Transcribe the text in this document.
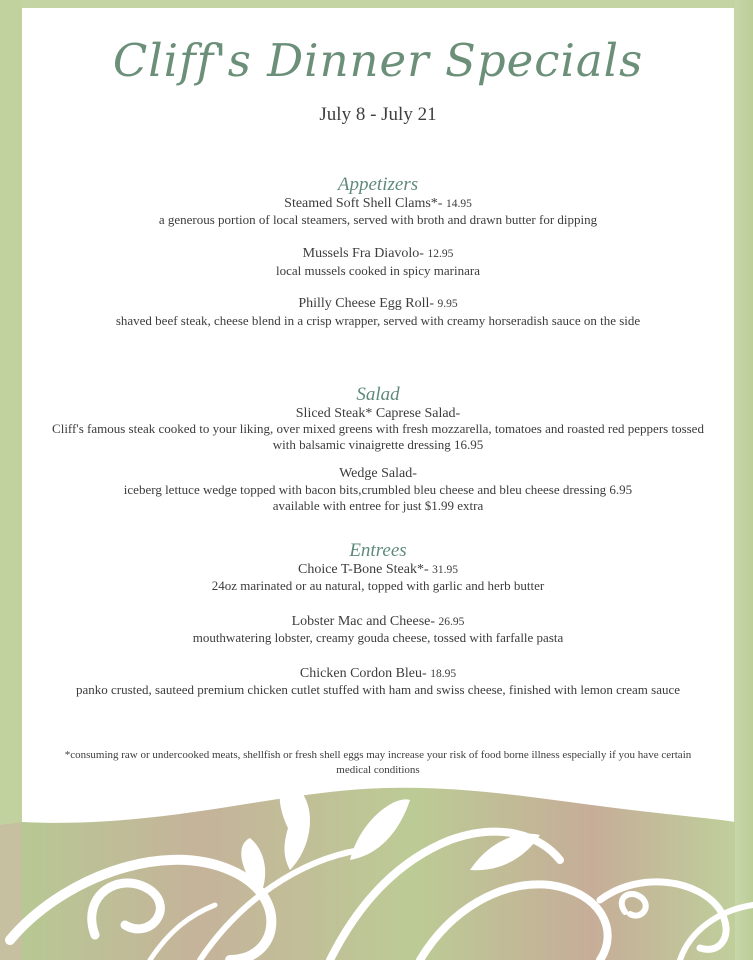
Cliff's Dinner Specials
July 8 - July 21
Appetizers
Steamed Soft Shell Clams*- 14.95
a generous portion of local steamers, served with broth and drawn butter for dipping
Mussels Fra Diavolo- 12.95
local mussels cooked in spicy marinara
Philly Cheese Egg Roll- 9.95
shaved beef steak, cheese blend in a crisp wrapper, served with creamy horseradish sauce on the side
Salad
Sliced Steak* Caprese Salad-
Cliff's famous steak cooked to your liking, over mixed greens with fresh mozzarella, tomatoes and roasted red peppers tossed with balsamic vinaigrette dressing 16.95
Wedge Salad-
iceberg lettuce wedge topped with bacon bits,crumbled bleu cheese and bleu cheese dressing 6.95
available with entree for just $1.99 extra
Entrees
Choice T-Bone Steak*- 31.95
24oz marinated or au natural, topped with garlic and herb butter
Lobster Mac and Cheese- 26.95
mouthwatering lobster, creamy gouda cheese, tossed with farfalle pasta
Chicken Cordon Bleu- 18.95
panko crusted, sauteed premium chicken cutlet stuffed with ham and swiss cheese, finished with lemon cream sauce
*consuming raw or undercooked meats, shellfish or fresh shell eggs may increase your risk of food borne illness especially if you have certain medical conditions
